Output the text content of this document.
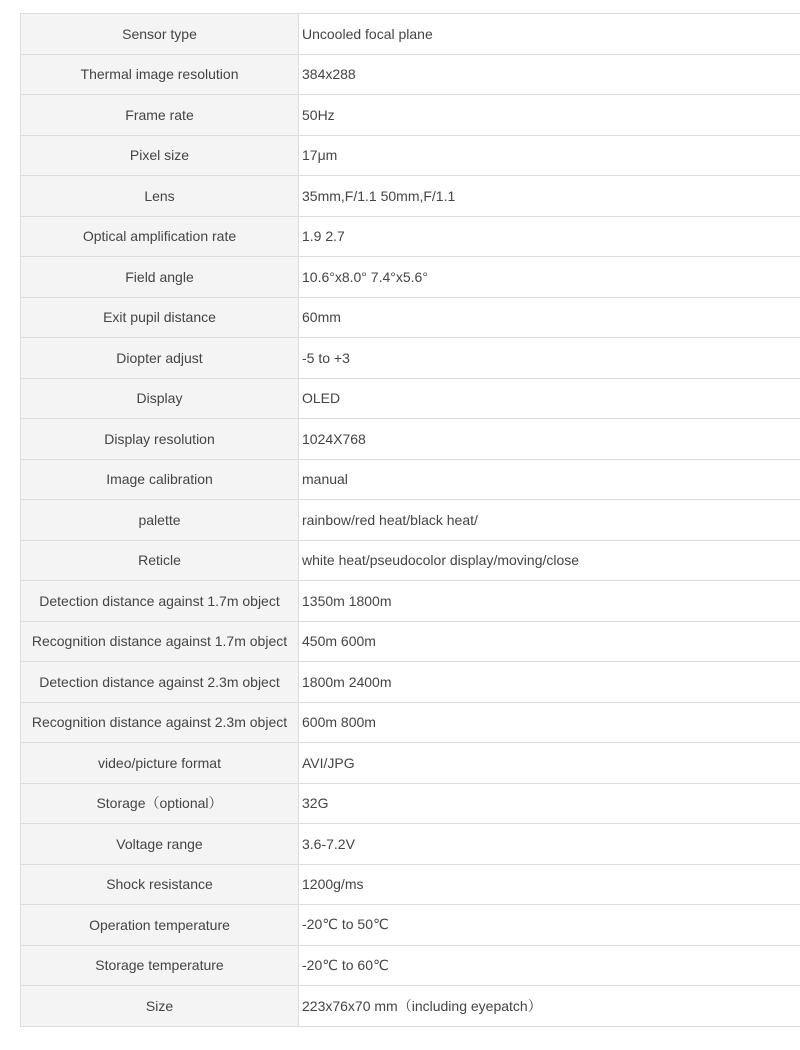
Sensor type	Uncooled focal plane
Thermal image resolution	384x288
Frame rate	50Hz
Pixel size	17μm
Lens	35mm,F/1.1 50mm,F/1.1
Optical amplification rate	1.9 2.7
Field angle	10.6°x8.0° 7.4°x5.6°
Exit pupil distance	60mm
Diopter adjust	-5 to +3
Display	OLED
Display resolution	1024X768
Image calibration	manual
palette	rainbow/red heat/black heat/
Reticle	white heat/pseudocolor display/moving/close
Detection distance against 1.7m object	1350m 1800m
Recognition distance against 1.7m object	450m 600m
Detection distance against 2.3m object	1800m 2400m
Recognition distance against 2.3m object	600m 800m
video/picture format	AVI/JPG
Storage（optional）	32G
Voltage range	3.6-7.2V
Shock resistance	1200g/ms
Operation temperature	-20℃ to 50℃
Storage temperature	-20℃ to 60℃
Size	223x76x70 mm（including eyepatch）
